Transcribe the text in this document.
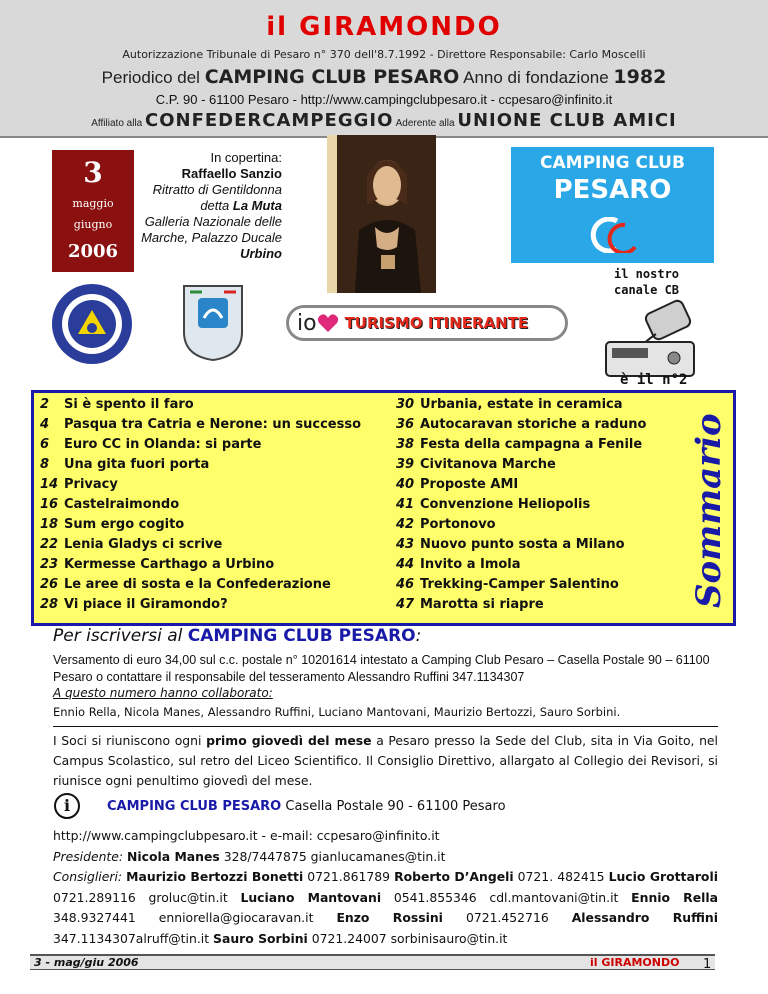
il GIRAMONDO
Autorizzazione Tribunale di Pesaro n° 370 dell'8.7.1992 - Direttore Responsabile: Carlo Moscelli
Periodico del CAMPING CLUB PESARO Anno di fondazione 1982
C.P. 90 - 61100 Pesaro - http://www.campingclubpesaro.it - ccpesaro@infinito.it
Affiliato alla CONFEDERCAMPEGGIO Aderente alla UNIONE CLUB AMICI
3
maggio
giugno
2006
In copertina:
Raffaello Sanzio
Ritratto di Gentildonna
detta La Muta
Galleria Nazionale delle
Marche, Palazzo Ducale
Urbino
il GIRAMONDO
CAMPING CLUB
PESARO
il nostro
canale CB
è il n°2
io TURISMO ITINERANTE
2 Si è spento il faro
4 Pasqua tra Catria e Nerone: un successo
6 Euro CC in Olanda: si parte
8 Una gita fuori porta
14 Privacy
16 Castelraimondo
18 Sum ergo cogito
22 Lenia Gladys ci scrive
23 Kermesse Carthago a Urbino
26 Le aree di sosta e la Confederazione
28 Vi piace il Giramondo?
30 Urbania, estate in ceramica
36 Autocaravan storiche a raduno
38 Festa della campagna a Fenile
39 Civitanova Marche
40 Proposte AMI
41 Convenzione Heliopolis
42 Portonovo
43 Nuovo punto sosta a Milano
44 Invito a Imola
46 Trekking-Camper Salentino
47 Marotta si riapre	Sommario
Per iscriversi al CAMPING CLUB PESARO:
Versamento di euro 34,00 sul c.c. postale n° 10201614 intestato a Camping Club Pesaro – Casella Postale 90 – 61100 Pesaro o contattare il responsabile del tesseramento Alessandro Ruffini 347.1134307
A questo numero hanno collaborato:
Ennio Rella, Nicola Manes, Alessandro Ruffini, Luciano Mantovani, Maurizio Bertozzi, Sauro Sorbini.
I Soci si riuniscono ogni primo giovedì del mese a Pesaro presso la Sede del Club, sita in Via Goito, nel Campus Scolastico, sul retro del Liceo Scientifico. Il Consiglio Direttivo, allargato al Collegio dei Revisori, si riunisce ogni penultimo giovedì del mese.
i	CAMPING CLUB PESARO Casella Postale 90 - 61100 Pesaro
http://www.campingclubpesaro.it - e-mail: ccpesaro@infinito.it
Presidente: Nicola Manes 328/7447875 gianlucamanes@tin.it
Consiglieri: Maurizio Bertozzi Bonetti 0721.861789 Roberto D’Angeli 0721. 482415 Lucio Grottaroli 0721.289116 groluc@tin.it Luciano Mantovani 0541.855346 cdl.mantovani@tin.it Ennio Rella 348.9327441 enniorella@giocaravan.it Enzo Rossini 0721.452716 Alessandro Ruffini 347.1134307alruff@tin.it Sauro Sorbini 0721.24007 sorbinisauro@tin.it
3 - mag/giu 2006	il GIRAMONDO 1
